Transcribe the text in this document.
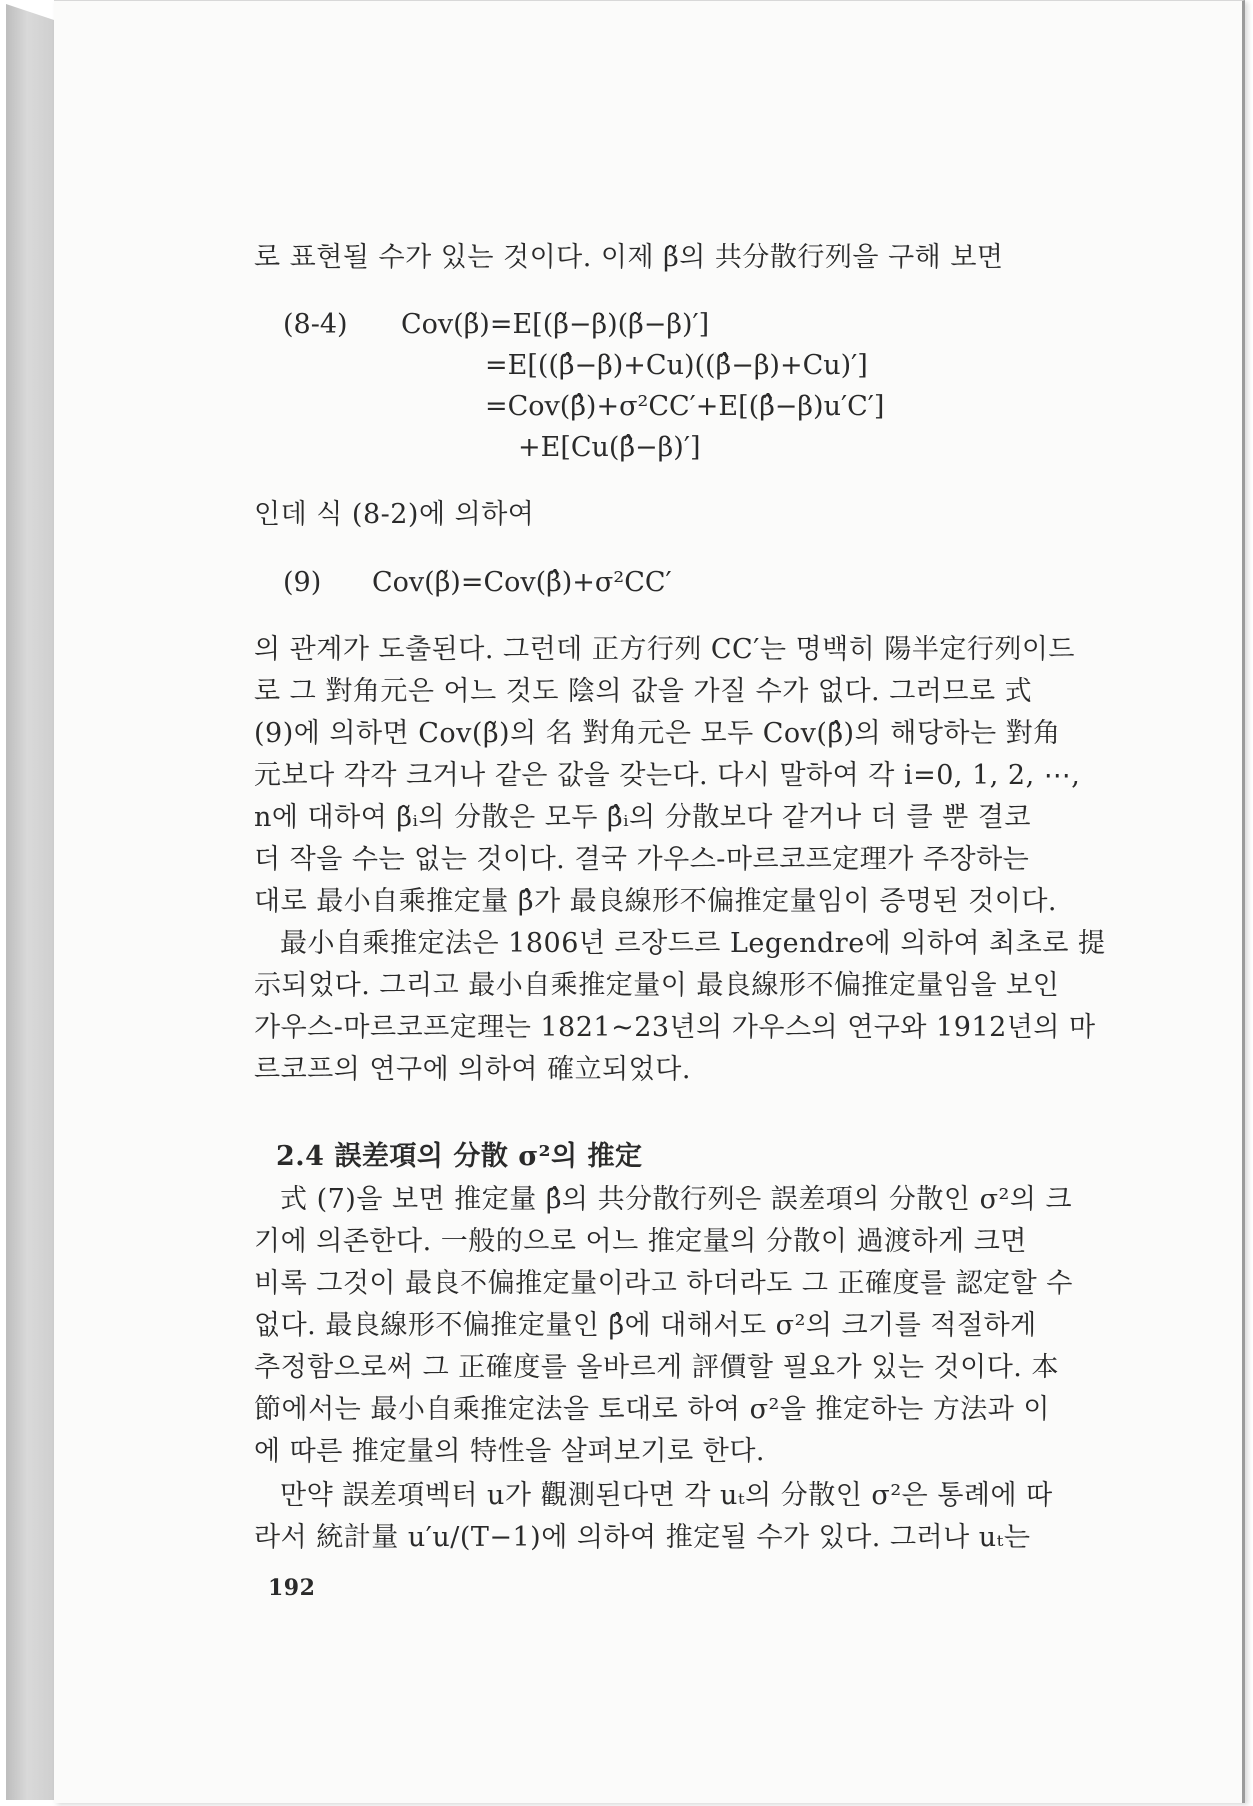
로 표현될 수가 있는 것이다. 이제 β̃의 共分散行列을 구해 보면

(8-4) Cov(β̃)=E[(β̃−β)(β̃−β)′]

=E[((β̂−β)+Cu)((β̂−β)+Cu)′]

=Cov(β̂)+σ²CC′+E[(β̂−β)u′C′]

+E[Cu(β̂−β)′]

인데 식 (8-2)에 의하여

(9) Cov(β̃)=Cov(β̂)+σ²CC′

의 관계가 도출된다. 그런데 正方行列 CC′는 명백히 陽半定行列이드

로 그 對角元은 어느 것도 陰의 값을 가질 수가 없다. 그러므로 式

(9)에 의하면 Cov(β̃)의 名 對角元은 모두 Cov(β̂)의 해당하는 對角

元보다 각각 크거나 같은 값을 갖는다. 다시 말하여 각 i=0, 1, 2, ⋯,

n에 대하여 β̃ᵢ의 分散은 모두 β̂ᵢ의 分散보다 같거나 더 클 뿐 결코

더 작을 수는 없는 것이다. 결국 가우스-마르코프定理가 주장하는

대로 最小自乘推定量 β̂가 最良線形不偏推定量임이 증명된 것이다.

最小自乘推定法은 1806년 르장드르 Legendre에 의하여 최초로 提

示되었다. 그리고 最小自乘推定量이 最良線形不偏推定量임을 보인

가우스-마르코프定理는 1821~23년의 가우스의 연구와 1912년의 마

르코프의 연구에 의하여 確立되었다.

2.4 誤差項의 分散 σ²의 推定

式 (7)을 보면 推定量 β̂의 共分散行列은 誤差項의 分散인 σ²의 크

기에 의존한다. 一般的으로 어느 推定量의 分散이 過渡하게 크면

비록 그것이 最良不偏推定量이라고 하더라도 그 正確度를 認定할 수

없다. 最良線形不偏推定量인 β̂에 대해서도 σ²의 크기를 적절하게

추정함으로써 그 正確度를 올바르게 評價할 필요가 있는 것이다. 本

節에서는 最小自乘推定法을 토대로 하여 σ²을 推定하는 方法과 이

에 따른 推定量의 特性을 살펴보기로 한다.

만약 誤差項벡터 u가 觀測된다면 각 uₜ의 分散인 σ²은 통례에 따

라서 統計量 u′u/(T−1)에 의하여 推定될 수가 있다. 그러나 uₜ는

192
